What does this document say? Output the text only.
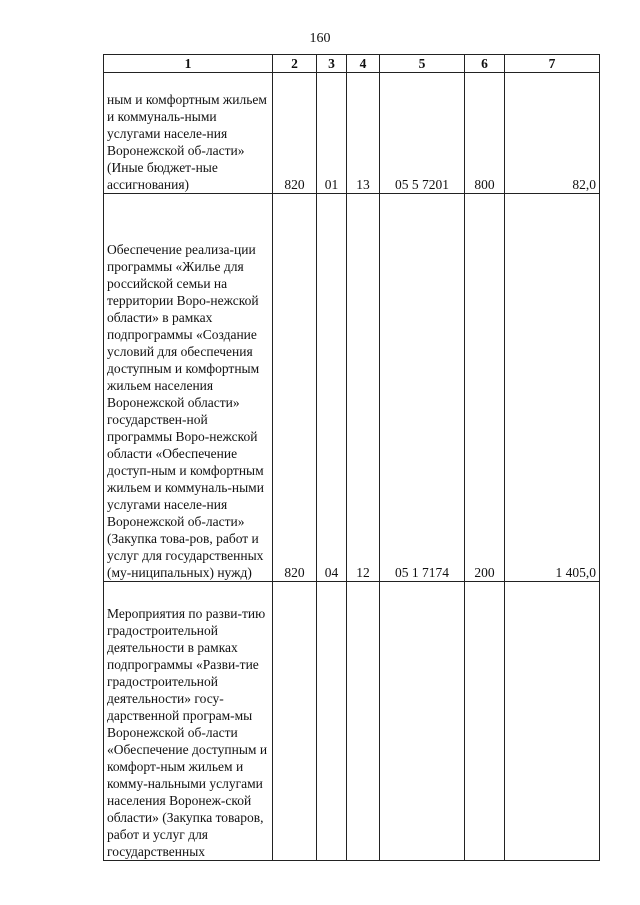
160
1	2	3	4	5	6	7

ным и комфортным жильем и коммуналь-ными услугами населе-ния Воронежской об-ласти» (Иные бюджет-ные ассигнования)	820	01	13	05 5 7201	800	82,0

Обеспечение реализа-ции программы «Жилье для российской семьи на территории Воро-нежской области» в рамках подпрограммы «Создание условий для обеспечения доступным и комфортным жильем населения Воронежской области» государствен-ной программы Воро-нежской области «Обеспечение доступ-ным и комфортным жильем и коммуналь-ными услугами населе-ния Воронежской об-ласти» (Закупка това-ров, работ и услуг для государственных (му-ниципальных) нужд)	820	04	12	05 1 7174	200	1 405,0

Мероприятия по разви-тию градостроительной деятельности в рамках подпрограммы «Разви-тие градостроительной деятельности» госу-дарственной програм-мы Воронежской об-ласти «Обеспечение доступным и комфорт-ным жильем и комму-нальными услугами населения Воронеж-ской области» (Закупка товаров, работ и услуг для государственных						
